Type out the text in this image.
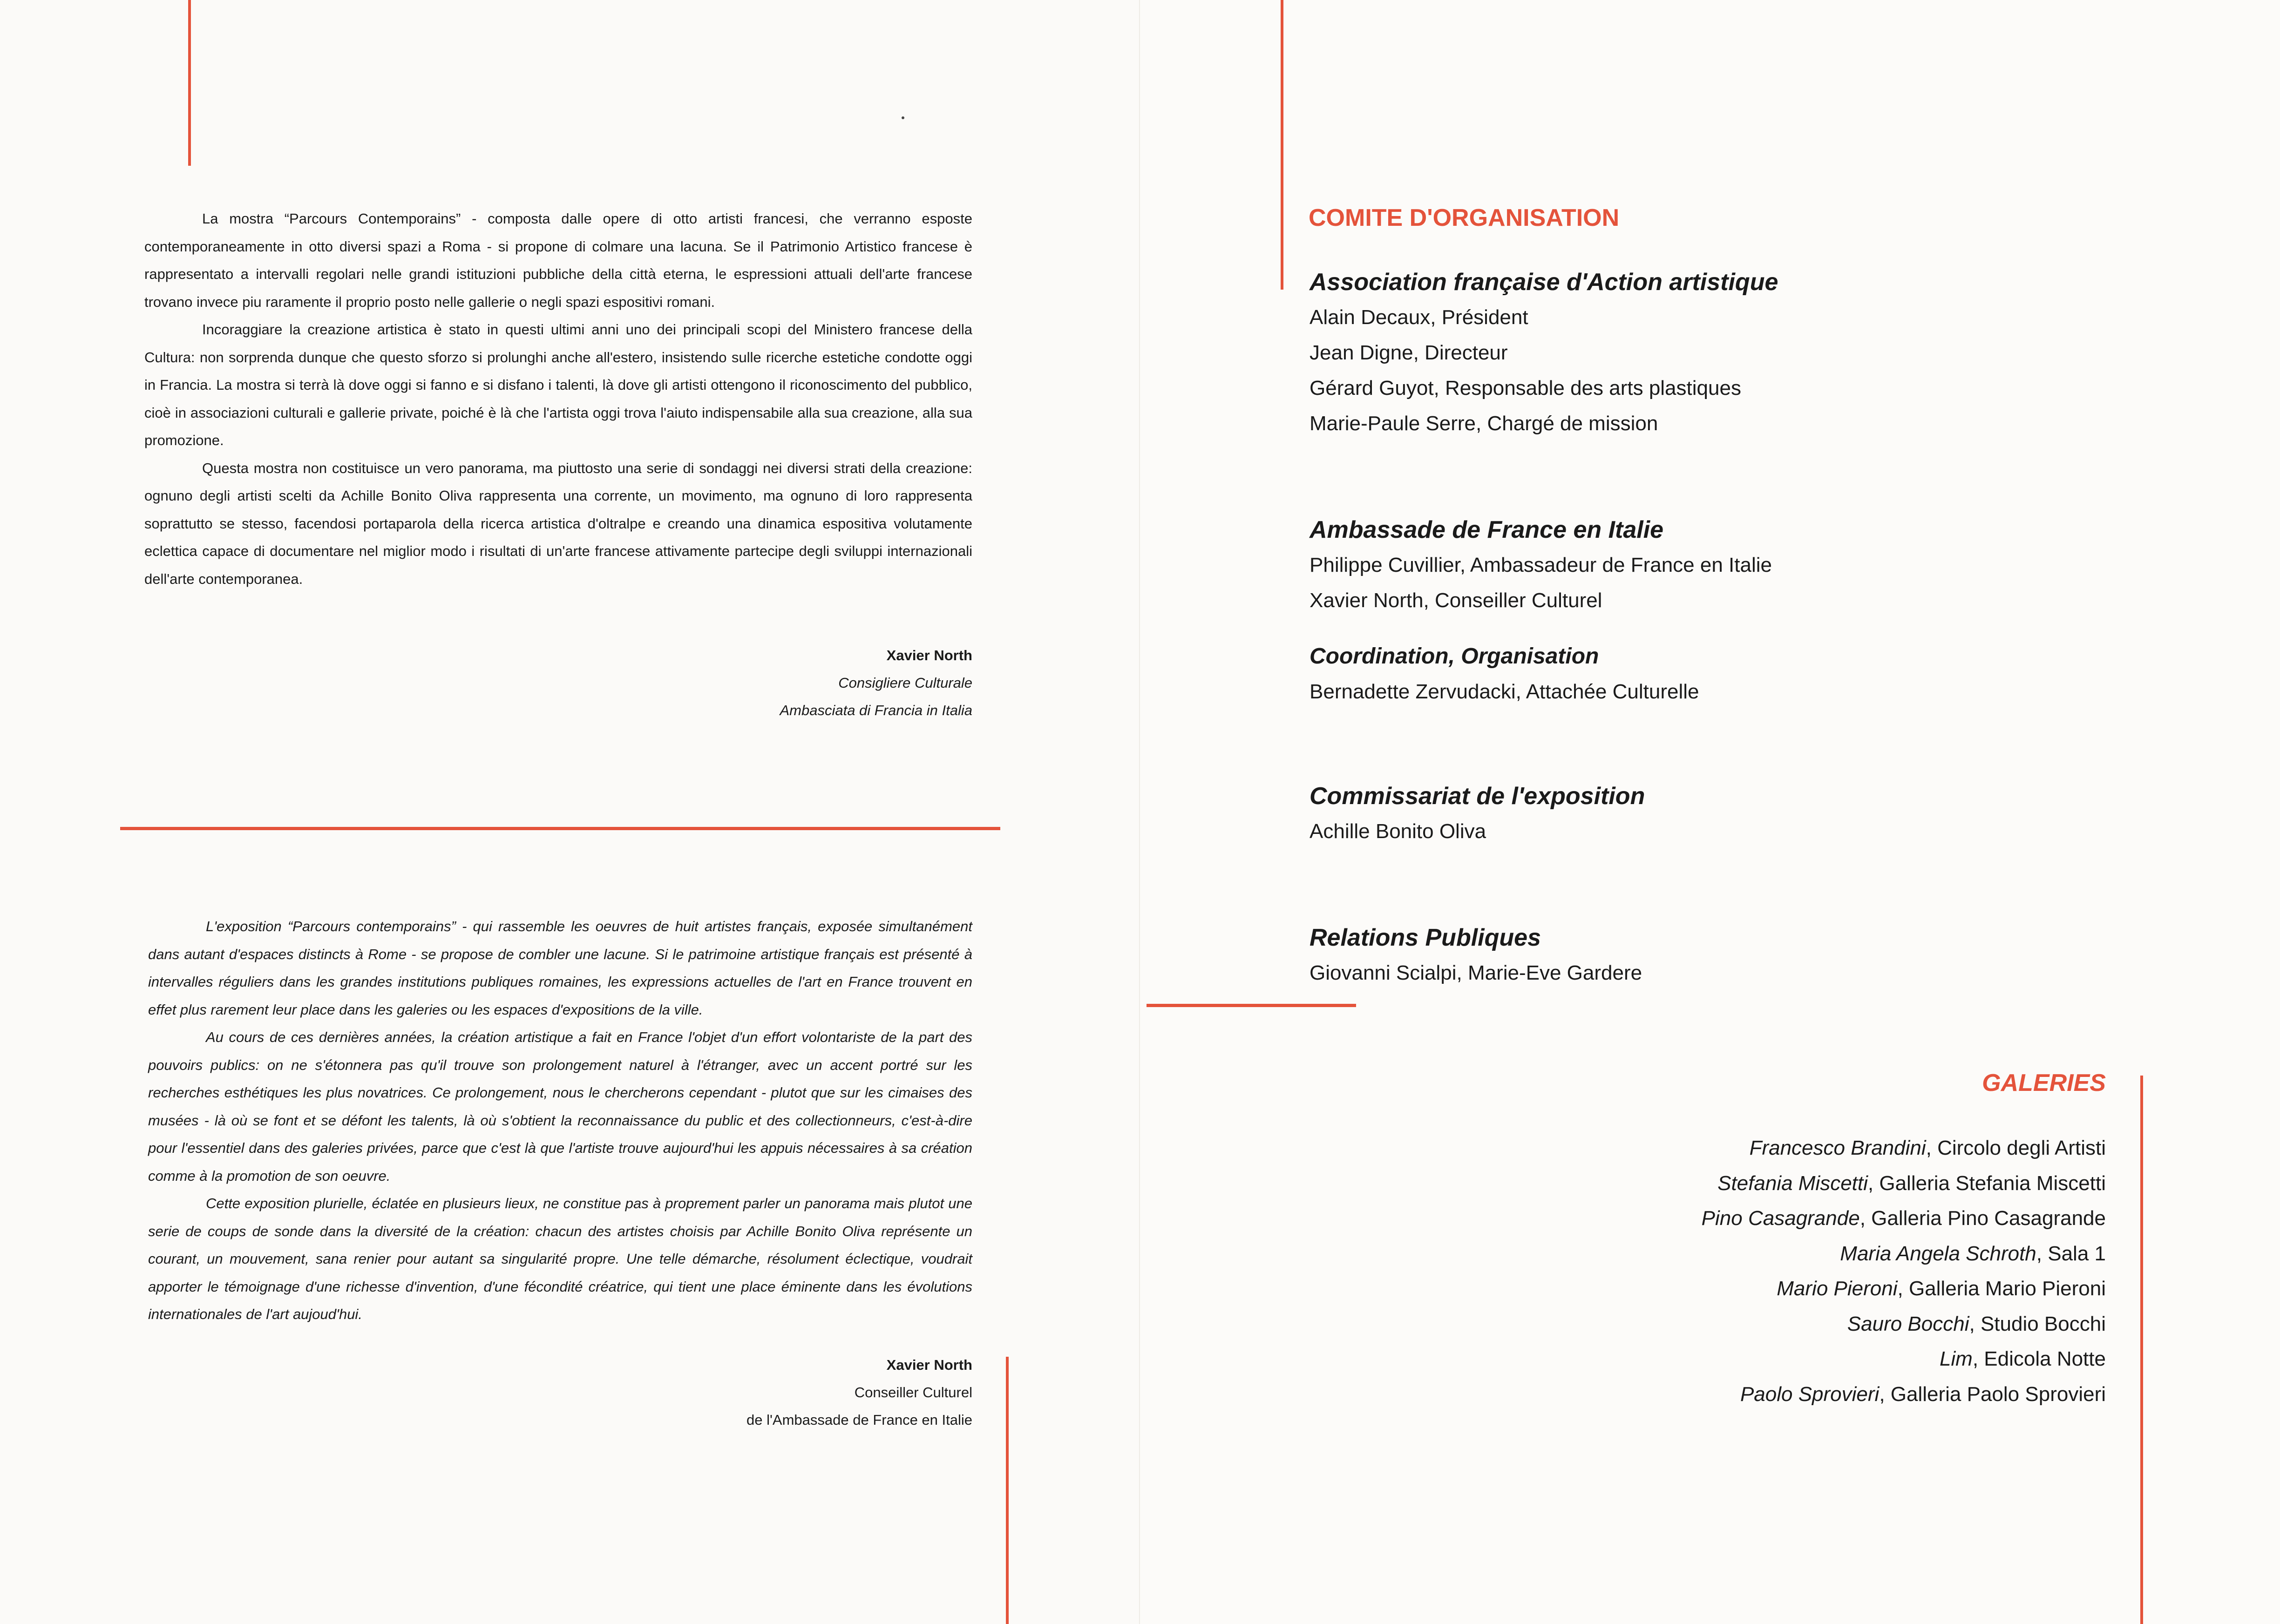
La mostra “Parcours Contemporains” - composta dalle opere di otto artisti francesi, che verranno esposte contemporaneamente in otto diversi spazi a Roma - si propone di colmare una lacuna. Se il Patrimonio Artistico francese è rappresentato a intervalli regolari nelle grandi istituzioni pubbliche della città eterna, le espressioni attuali dell'arte francese trovano invece piu raramente il proprio posto nelle gallerie o negli spazi espositivi romani.

Incoraggiare la creazione artistica è stato in questi ultimi anni uno dei principali scopi del Ministero francese della Cultura: non sorprenda dunque che questo sforzo si prolunghi anche all'estero, insistendo sulle ricerche estetiche condotte oggi in Francia. La mostra si terrà là dove oggi si fanno e si disfano i talenti, là dove gli artisti ottengono il riconoscimento del pubblico, cioè in associazioni culturali e gallerie private, poiché è là che l'artista oggi trova l'aiuto indispensabile alla sua creazione, alla sua promozione.

Questa mostra non costituisce un vero panorama, ma piuttosto una serie di sondaggi nei diversi strati della creazione: ognuno degli artisti scelti da Achille Bonito Oliva rappresenta una corrente, un movimento, ma ognuno di loro rappresenta soprattutto se stesso, facendosi portaparola della ricerca artistica d'oltralpe e creando una dinamica espositiva volutamente eclettica capace di documentare nel miglior modo i risultati di un'arte francese attivamente partecipe degli sviluppi internazionali dell'arte contemporanea.

Xavier North
Consigliere Culturale
Ambasciata di Francia in Italia

L'exposition “Parcours contemporains” - qui rassemble les oeuvres de huit artistes français, exposée simultanément dans autant d'espaces distincts à Rome - se propose de combler une lacune. Si le patrimoine artistique français est présenté à intervalles réguliers dans les grandes institutions publiques romaines, les expressions actuelles de l'art en France trouvent en effet plus rarement leur place dans les galeries ou les espaces d'expositions de la ville.

Au cours de ces dernières années, la création artistique a fait en France l'objet d'un effort volontariste de la part des pouvoirs publics: on ne s'étonnera pas qu'il trouve son prolongement naturel à l'étranger, avec un accent portré sur les recherches esthétiques les plus novatrices. Ce prolongement, nous le chercherons cependant - plutot que sur les cimaises des musées - là où se font et se défont les talents, là où s'obtient la reconnaissance du public et des collectionneurs, c'est-à-dire pour l'essentiel dans des galeries privées, parce que c'est là que l'artiste trouve aujourd'hui les appuis nécessaires à sa création comme à la promotion de son oeuvre.

Cette exposition plurielle, éclatée en plusieurs lieux, ne constitue pas à proprement parler un panorama mais plutot une serie de coups de sonde dans la diversité de la création: chacun des artistes choisis par Achille Bonito Oliva représente un courant, un mouvement, sana renier pour autant sa singularité propre. Une telle démarche, résolument éclectique, voudrait apporter le témoignage d'une richesse d'invention, d'une fécondité créatrice, qui tient une place éminente dans les évolutions internationales de l'art aujoud'hui.

Xavier North
Conseiller Culturel
de l'Ambassade de France en Italie
COMITE D'ORGANISATION

Association française d'Action artistique

Alain Decaux, Président

Jean Digne, Directeur

Gérard Guyot, Responsable des arts plastiques

Marie-Paule Serre, Chargé de mission

Ambassade de France en Italie

Philippe Cuvillier, Ambassadeur de France en Italie

Xavier North, Conseiller Culturel

Coordination, Organisation

Bernadette Zervudacki, Attachée Culturelle

Commissariat de l'exposition

Achille Bonito Oliva

Relations Publiques

Giovanni Scialpi, Marie-Eve Gardere

GALERIES

Francesco Brandini, Circolo degli Artisti

Stefania Miscetti, Galleria Stefania Miscetti

Pino Casagrande, Galleria Pino Casagrande

Maria Angela Schroth, Sala 1

Mario Pieroni, Galleria Mario Pieroni

Sauro Bocchi, Studio Bocchi

Lim, Edicola Notte

Paolo Sprovieri, Galleria Paolo Sprovieri
